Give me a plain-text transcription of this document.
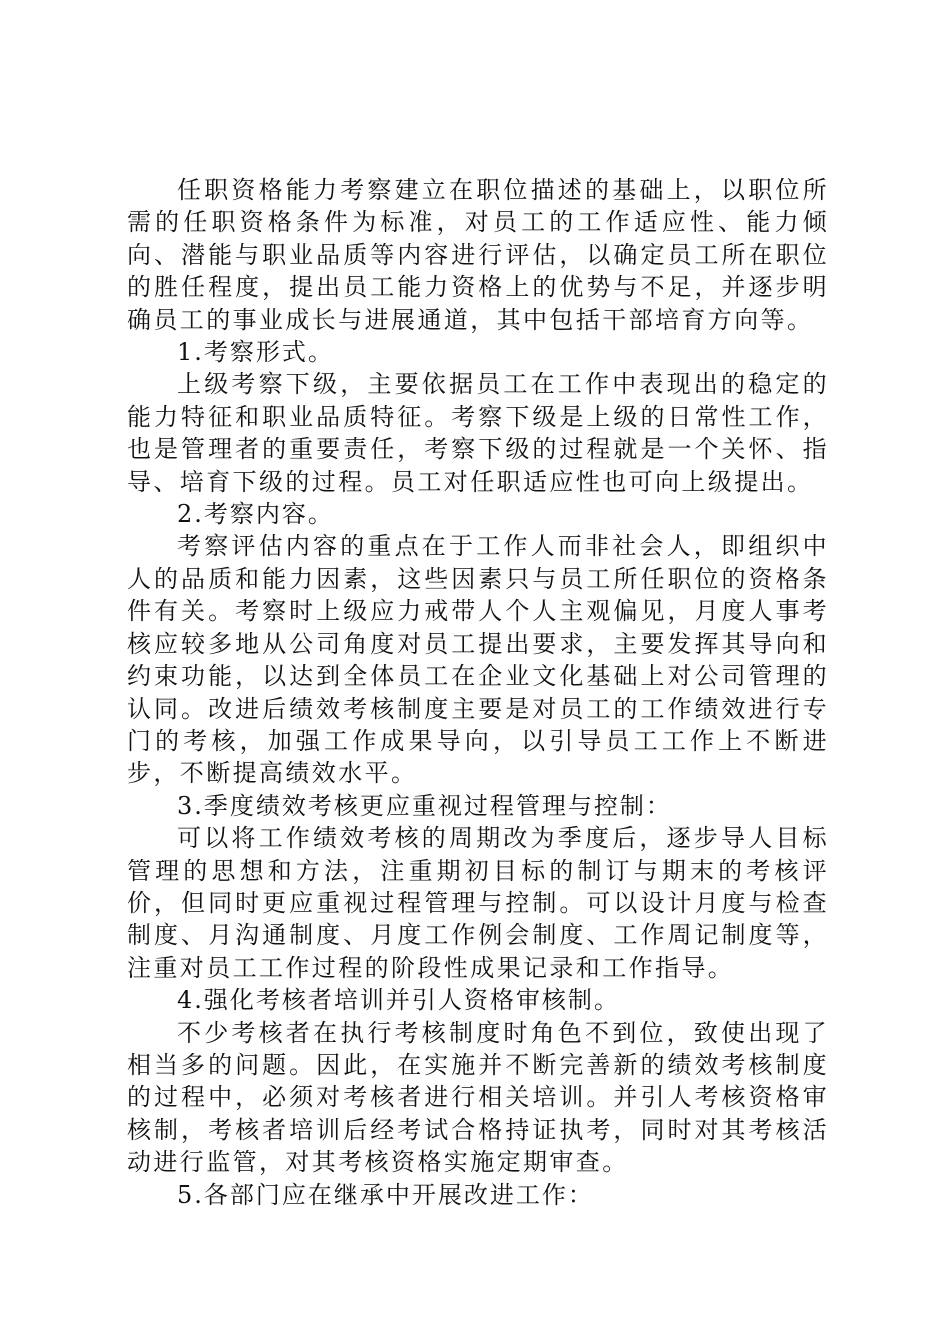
任职资格能力考察建立在职位描述的基础上，以职位所需的任职资格条件为标准，对员工的工作适应性、能力倾向、潜能与职业品质等内容进行评估，以确定员工所在职位的胜任程度，提出员工能力资格上的优势与不足，并逐步明确员工的事业成长与进展通道，其中包括干部培育方向等。

1.考察形式。

上级考察下级，主要依据员工在工作中表现出的稳定的能力特征和职业品质特征。考察下级是上级的日常性工作，也是管理者的重要责任，考察下级的过程就是一个关怀、指导、培育下级的过程。员工对任职适应性也可向上级提出。

2.考察内容。

考察评估内容的重点在于工作人而非社会人，即组织中人的品质和能力因素，这些因素只与员工所任职位的资格条件有关。考察时上级应力戒带人个人主观偏见，月度人事考核应较多地从公司角度对员工提出要求，主要发挥其导向和约束功能，以达到全体员工在企业文化基础上对公司管理的认同。改进后绩效考核制度主要是对员工的工作绩效进行专门的考核，加强工作成果导向，以引导员工工作上不断进步，不断提高绩效水平。

3.季度绩效考核更应重视过程管理与控制：

可以将工作绩效考核的周期改为季度后，逐步导人目标管理的思想和方法，注重期初目标的制订与期末的考核评价，但同时更应重视过程管理与控制。可以设计月度与检查制度、月沟通制度、月度工作例会制度、工作周记制度等，注重对员工工作过程的阶段性成果记录和工作指导。

4.强化考核者培训并引人资格审核制。

不少考核者在执行考核制度时角色不到位，致使出现了相当多的问题。因此，在实施并不断完善新的绩效考核制度的过程中，必须对考核者进行相关培训。并引人考核资格审核制，考核者培训后经考试合格持证执考，同时对其考核活动进行监管，对其考核资格实施定期审查。

5.各部门应在继承中开展改进工作：
